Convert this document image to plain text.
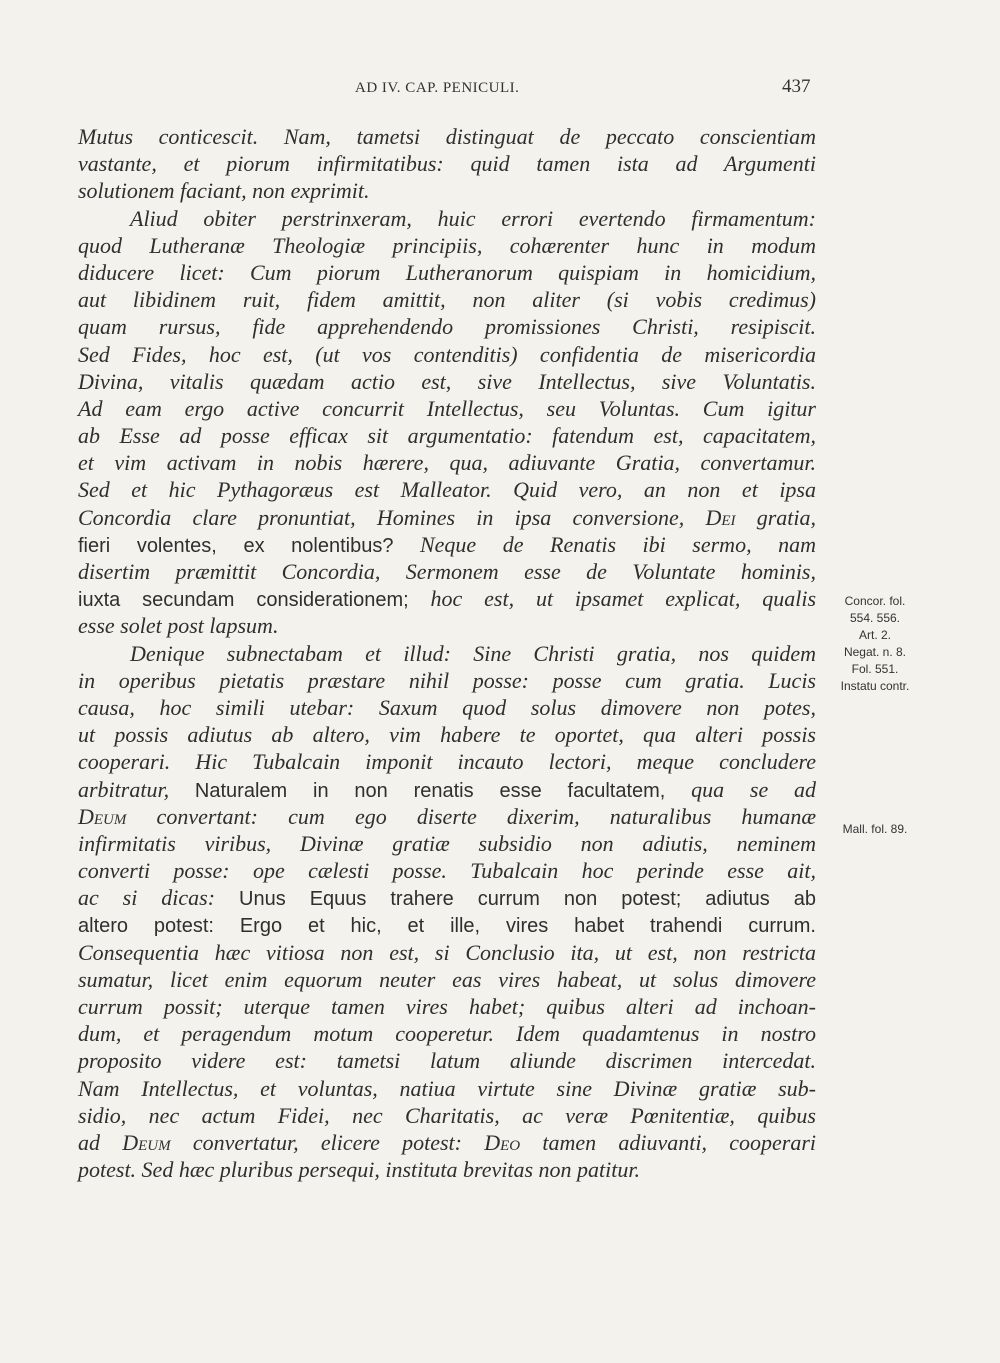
AD IV. CAP. PENICULI.	437
Mutus conticescit. Nam, tametsi distinguat de peccato conscientiam
vastante, et piorum infirmitatibus: quid tamen ista ad Argumenti
solutionem faciant, non exprimit.
Aliud obiter perstrinxeram, huic errori evertendo firmamentum:
quod Lutheranæ Theologiæ principiis, cohærenter hunc in modum
diducere licet: Cum piorum Lutheranorum quispiam in homicidium,
aut libidinem ruit, fidem amittit, non aliter (si vobis credimus)
quam rursus, fide apprehendendo promissiones Christi, resipiscit.
Sed Fides, hoc est, (ut vos contenditis) confidentia de misericordia
Divina, vitalis quædam actio est, sive Intellectus, sive Voluntatis.
Ad eam ergo active concurrit Intellectus, seu Voluntas. Cum igitur
ab Esse ad posse efficax sit argumentatio: fatendum est, capacitatem,
et vim activam in nobis hærere, qua, adiuvante Gratia, convertamur.
Sed et hic Pythagoræus est Malleator. Quid vero, an non et ipsa
Concordia clare pronuntiat, Homines in ipsa conversione, Dei gratia,
fieri volentes, ex nolentibus? Neque de Renatis ibi sermo, nam
disertim præmittit Concordia, Sermonem esse de Voluntate hominis,
iuxta secundam considerationem; hoc est, ut ipsamet explicat, qualis
esse solet post lapsum.
Denique subnectabam et illud: Sine Christi gratia, nos quidem
in operibus pietatis præstare nihil posse: posse cum gratia. Lucis
causa, hoc simili utebar: Saxum quod solus dimovere non potes,
ut possis adiutus ab altero, vim habere te oportet, qua alteri possis
cooperari. Hic Tubalcain imponit incauto lectori, meque concludere
arbitratur, Naturalem in non renatis esse facultatem, qua se ad
Deum convertant: cum ego diserte dixerim, naturalibus humanæ
infirmitatis viribus, Divinæ gratiæ subsidio non adiutis, neminem
converti posse: ope cælesti posse. Tubalcain hoc perinde esse ait,
ac si dicas: Unus Equus trahere currum non potest; adiutus ab
altero potest: Ergo et hic, et ille, vires habet trahendi currum.
Consequentia hæc vitiosa non est, si Conclusio ita, ut est, non restricta
sumatur, licet enim equorum neuter eas vires habeat, ut solus dimovere
currum possit; uterque tamen vires habet; quibus alteri ad inchoan-
dum, et peragendum motum cooperetur. Idem quadamtenus in nostro
proposito videre est: tametsi latum aliunde discrimen intercedat.
Nam Intellectus, et voluntas, natiua virtute sine Divinæ gratiæ sub-
sidio, nec actum Fidei, nec Charitatis, ac veræ Pœnitentiæ, quibus
ad Deum convertatur, elicere potest: Deo tamen adiuvanti, cooperari
potest. Sed hæc pluribus persequi, instituta brevitas non patitur.
Concor. fol.
554. 556.
Art. 2.
Negat. n. 8.
Fol. 551.
Instatu contr.
Mall. fol. 89.
